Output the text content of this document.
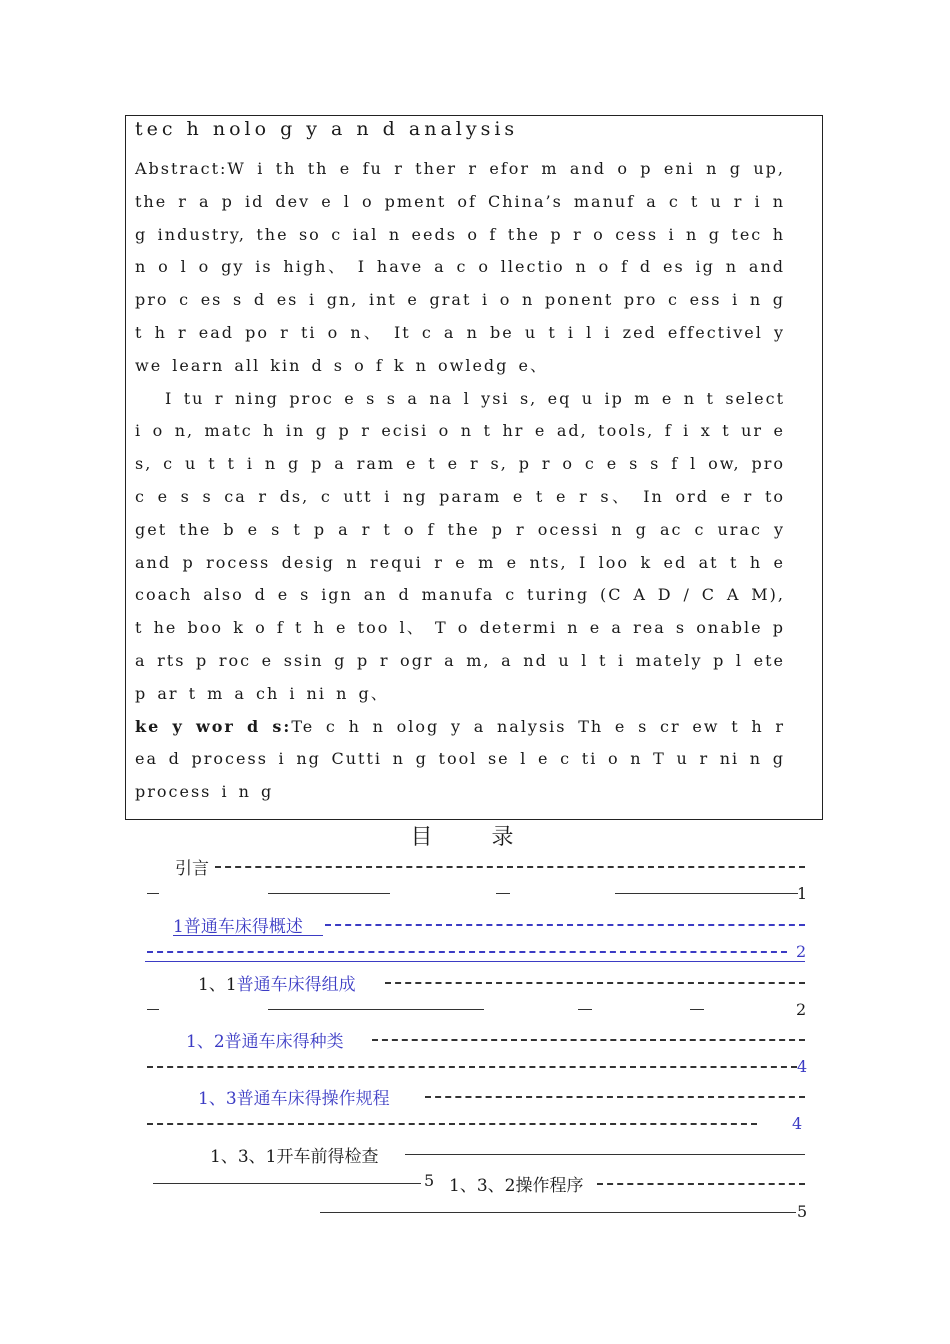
tec h nolo g y a n d analysis

Abstract:W i th th e fu r ther r efor m and o p eni n g up, the r a p id dev e l o pment of China’s manuf a c t u r i n g industry, the so c ial n eeds o f the p r o cess i n g tec h n o l o gy is high、 I have a c o llectio n o f d es ig n and pro c es s d es i gn, int e grat i o n ponent pro c ess i n g t h r ead po r ti o n、 It c a n be u t i l i zed effectivel y we learn all kin d s o f k n owledg e、

I tu r ning proc e s s a na l ysi s, eq u ip m e n t select i o n, matc h in g p r ecisi o n t hr e ad, tools, f i x t ur e s, c u t t i n g p a ram e t e r s, p r o c e s s f l ow, pro c e s s ca r ds, c utt i ng param e t e r s、 In ord e r to get the b e s t p a r t o f the p r ocessi n g ac c urac y and p rocess desig n requi r e m e nts, I loo k ed at t h e coach also d e s ign an d manufa c turing (C A D / C A M), t he boo k o f t h e too l、 T o determi n e a rea s onable p a rts p roc e ssin g p r ogr a m, a nd u l t i mately p l ete p ar t m a ch i ni n g、

ke y wor d s:Te c h n olog y a nalysis Th e s cr ew t h r ea d process i ng Cutti n g tool se l e c ti o n T u r ni n g process i n g

目 录
引言
1
1普通车床得概述
2
1、1普通车床得组成
2
1、2普通车床得种类
4
1、3普通车床得操作规程
4
1、3、1开车前得检查
5 1、3、2操作程序
5
